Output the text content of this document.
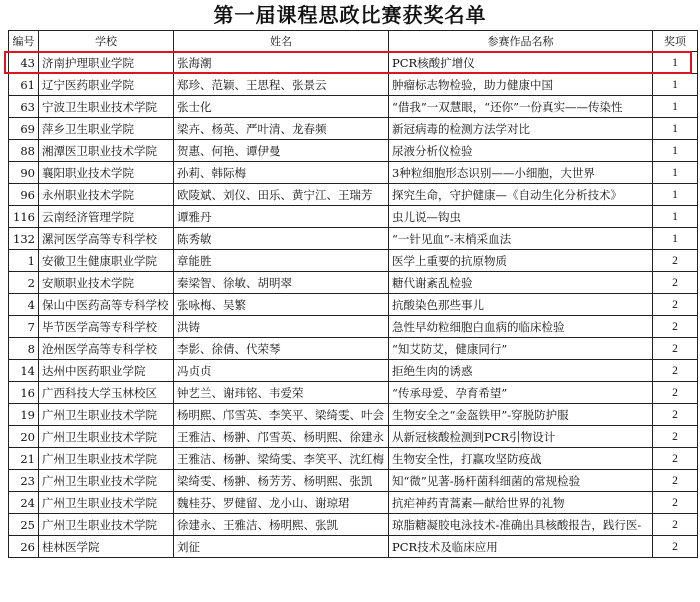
第一届课程思政比赛获奖名单
编号	学校	姓名	参赛作品名称	奖项
43	济南护理职业学院	张海潮	PCR核酸扩增仪	1
61	辽宁医药职业学院	郑珍、范颖、王思程、张景云	肿瘤标志物检验，助力健康中国	1
63	宁波卫生职业技术学院	张士化	“借我”一双慧眼，“还你”一份真实——传染性	1
69	萍乡卫生职业学院	梁卉、杨英、严叶清、龙春频	新冠病毒的检测方法学对比	1
88	湘潭医卫职业技术学院	贺惠、何艳、谭伊曼	尿液分析仪检验	1
90	襄阳职业技术学院	孙莉、韩际梅	3种粒细胞形态识别——小细胞，大世界	1
96	永州职业技术学院	欧陵斌、刘仪、田乐、黄宁江、王瑞芳	探究生命，守护健康—《自动生化分析技术》	1
116	云南经济管理学院	谭雅丹	虫儿说—钩虫	1
132	漯河医学高等专科学校	陈秀敏	“一针见血”-末梢采血法	1
1	安徽卫生健康职业学院	章能胜	医学上重要的抗原物质	2
2	安顺职业技术学院	秦梁智、徐敏、胡明翠	糖代谢紊乱检验	2
4	保山中医药高等专科学校	张咏梅、吴繁	抗酸染色那些事儿	2
7	毕节医学高等专科学校	洪铸	急性早幼粒细胞白血病的临床检验	2
8	沧州医学高等专科学校	李影、徐倩、代荣琴	“知艾防艾，健康同行”	2
14	达州中医药职业学院	冯贞贞	拒绝生肉的诱惑	2
16	广西科技大学玉林校区	钟艺兰、谢玮铭、韦爱荣	“传承母爱、孕育希望”	2
19	广州卫生职业技术学院	杨明熙、邝雪英、李笑平、梁绮雯、叶会	生物安全之“金盔铁甲”-穿脱防护服	2
20	广州卫生职业技术学院	王雅洁、杨翀、邝雪英、杨明熙、徐建永	从新冠核酸检测到PCR引物设计	2
21	广州卫生职业技术学院	王雅洁、杨翀、梁绮雯、李笑平、沈红梅	生物安全性，打赢攻坚防疫战	2
23	广州卫生职业技术学院	梁绮雯、杨翀、杨芳芳、杨明熙、张凯	知“微”见著-肠杆菌科细菌的常规检验	2
24	广州卫生职业技术学院	魏桂芬、罗健留、龙小山、谢琼珺	抗疟神药青蒿素—献给世界的礼物	2
25	广州卫生职业技术学院	徐建永、王雅洁、杨明熙、张凯	琼脂糖凝胶电泳技术-准确出具核酸报告，践行医-	2
26	桂林医学院	刘征	PCR技术及临床应用	2
